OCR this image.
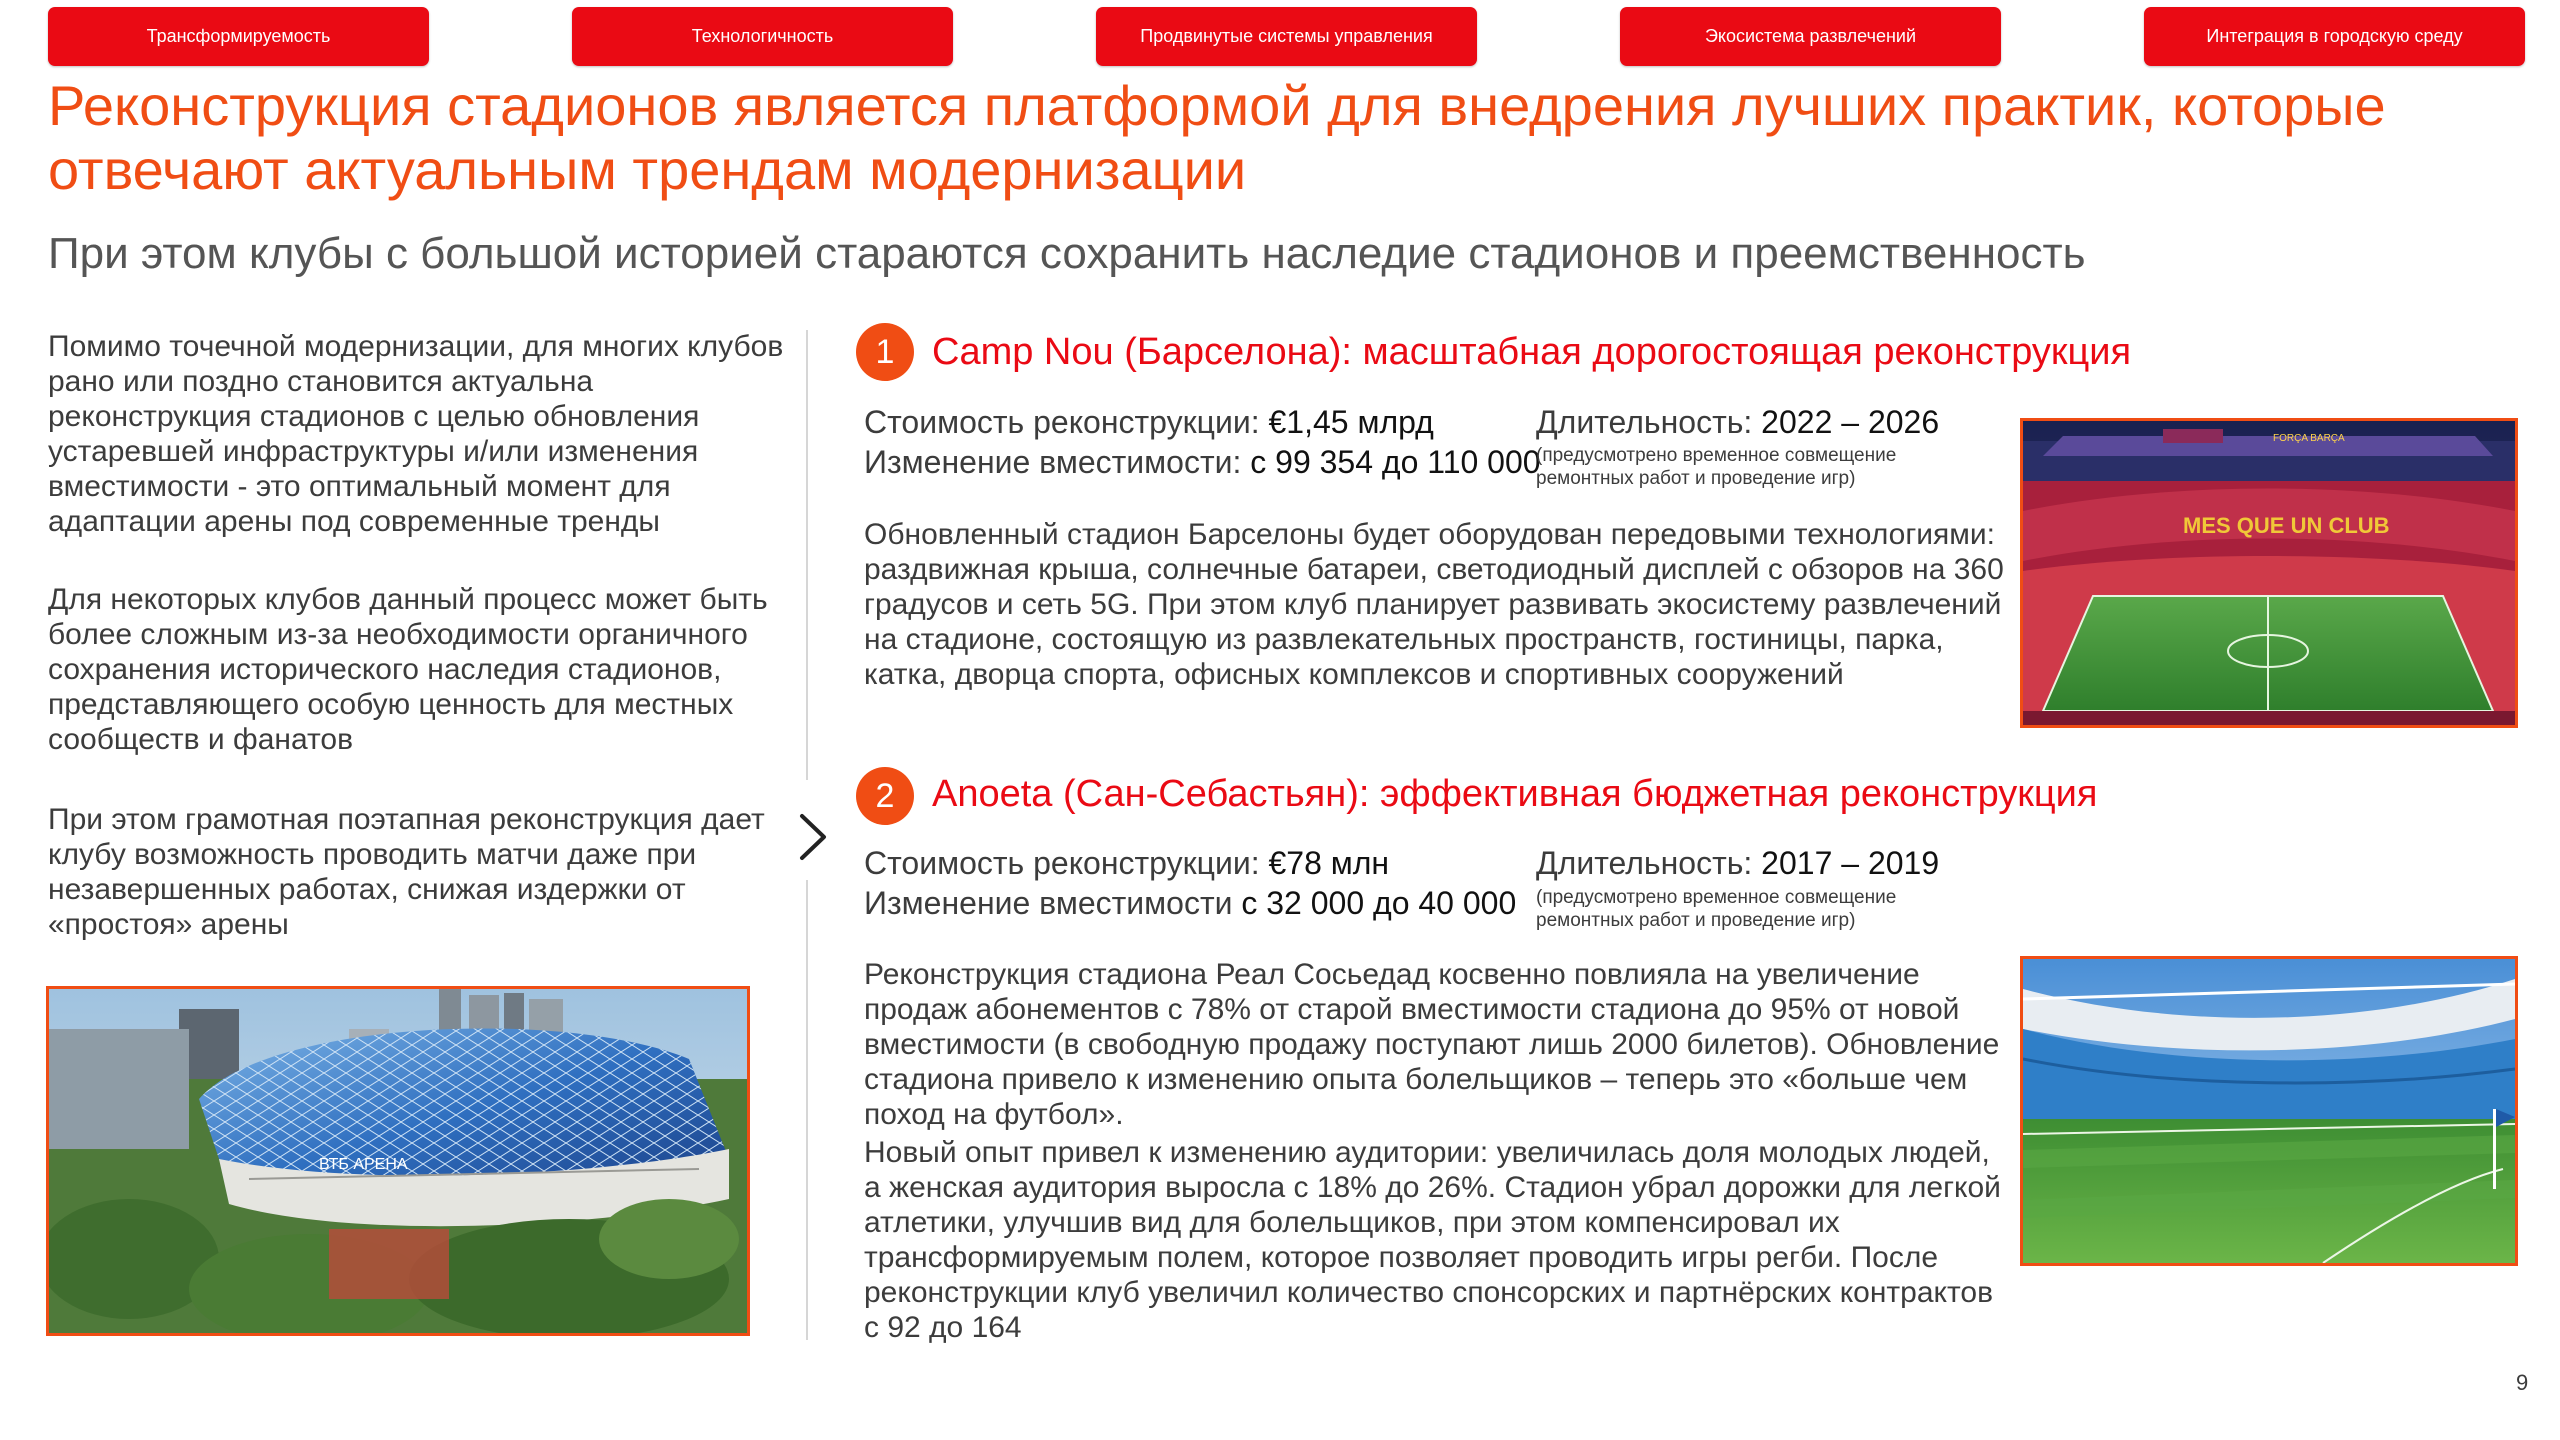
Трансформируемость	Технологичность	Продвинутые системы управления	Экосистема развлечений	Интеграция в городскую среду
Реконструкция стадионов является платформой для внедрения лучших практик, которые отвечают актуальным трендам модернизации
При этом клубы с большой историей стараются сохранить наследие стадионов и преемственность

Помимо точечной модернизации, для многих клубов рано или поздно становится актуальна реконструкция стадионов с целью обновления устаревшей инфраструктуры и/или изменения вместимости - это оптимальный момент для адаптации арены под современные тренды

Для некоторых клубов данный процесс может быть более сложным из-за необходимости органичного сохранения исторического наследия стадионов, представляющего особую ценность для местных сообществ и фанатов

При этом грамотная поэтапная реконструкция дает клубу возможность проводить матчи даже при незавершенных работах, снижая издержки от «простоя» арены

ВТБ АРЕНА
1 Camp Nou (Барселона): масштабная дорогостоящая реконструкция
Стоимость реконструкции: €1,45 млрд
Изменение вместимости: с 99 354 до 110 000
Длительность: 2022 – 2026
(предусмотрено временное совмещение ремонтных работ и проведение игр)

Обновленный стадион Барселоны будет оборудован передовыми технологиями: раздвижная крыша, солнечные батареи, светодиодный дисплей с обзоров на 360 градусов и сеть 5G. При этом клуб планирует развивать экосистему развлечений на стадионе, состоящую из развлекательных пространств, гостиницы, парка, катка, дворца спорта, офисных комплексов и спортивных сооружений

FORÇA BARÇA
MES QUE UN CLUB
2 Anoeta (Сан-Себастьян): эффективная бюджетная реконструкция
Стоимость реконструкции: €78 млн
Изменение вместимости с 32 000 до 40 000
Длительность: 2017 – 2019
(предусмотрено временное совмещение ремонтных работ и проведение игр)

Реконструкция стадиона Реал Сосьедад косвенно повлияла на увеличение продаж абонементов с 78% от старой вместимости стадиона до 95% от новой вместимости (в свободную продажу поступают лишь 2000 билетов). Обновление стадиона привело к изменению опыта болельщиков – теперь это «больше чем поход на футбол».

Новый опыт привел к изменению аудитории: увеличилась доля молодых людей, а женская аудитория выросла с 18% до 26%. Стадион убрал дорожки для легкой атлетики, улучшив вид для болельщиков, при этом компенсировал их трансформируемым полем, которое позволяет проводить игры регби. После реконструкции клуб увеличил количество спонсорских и партнёрских контрактов с 92 до 164

9
